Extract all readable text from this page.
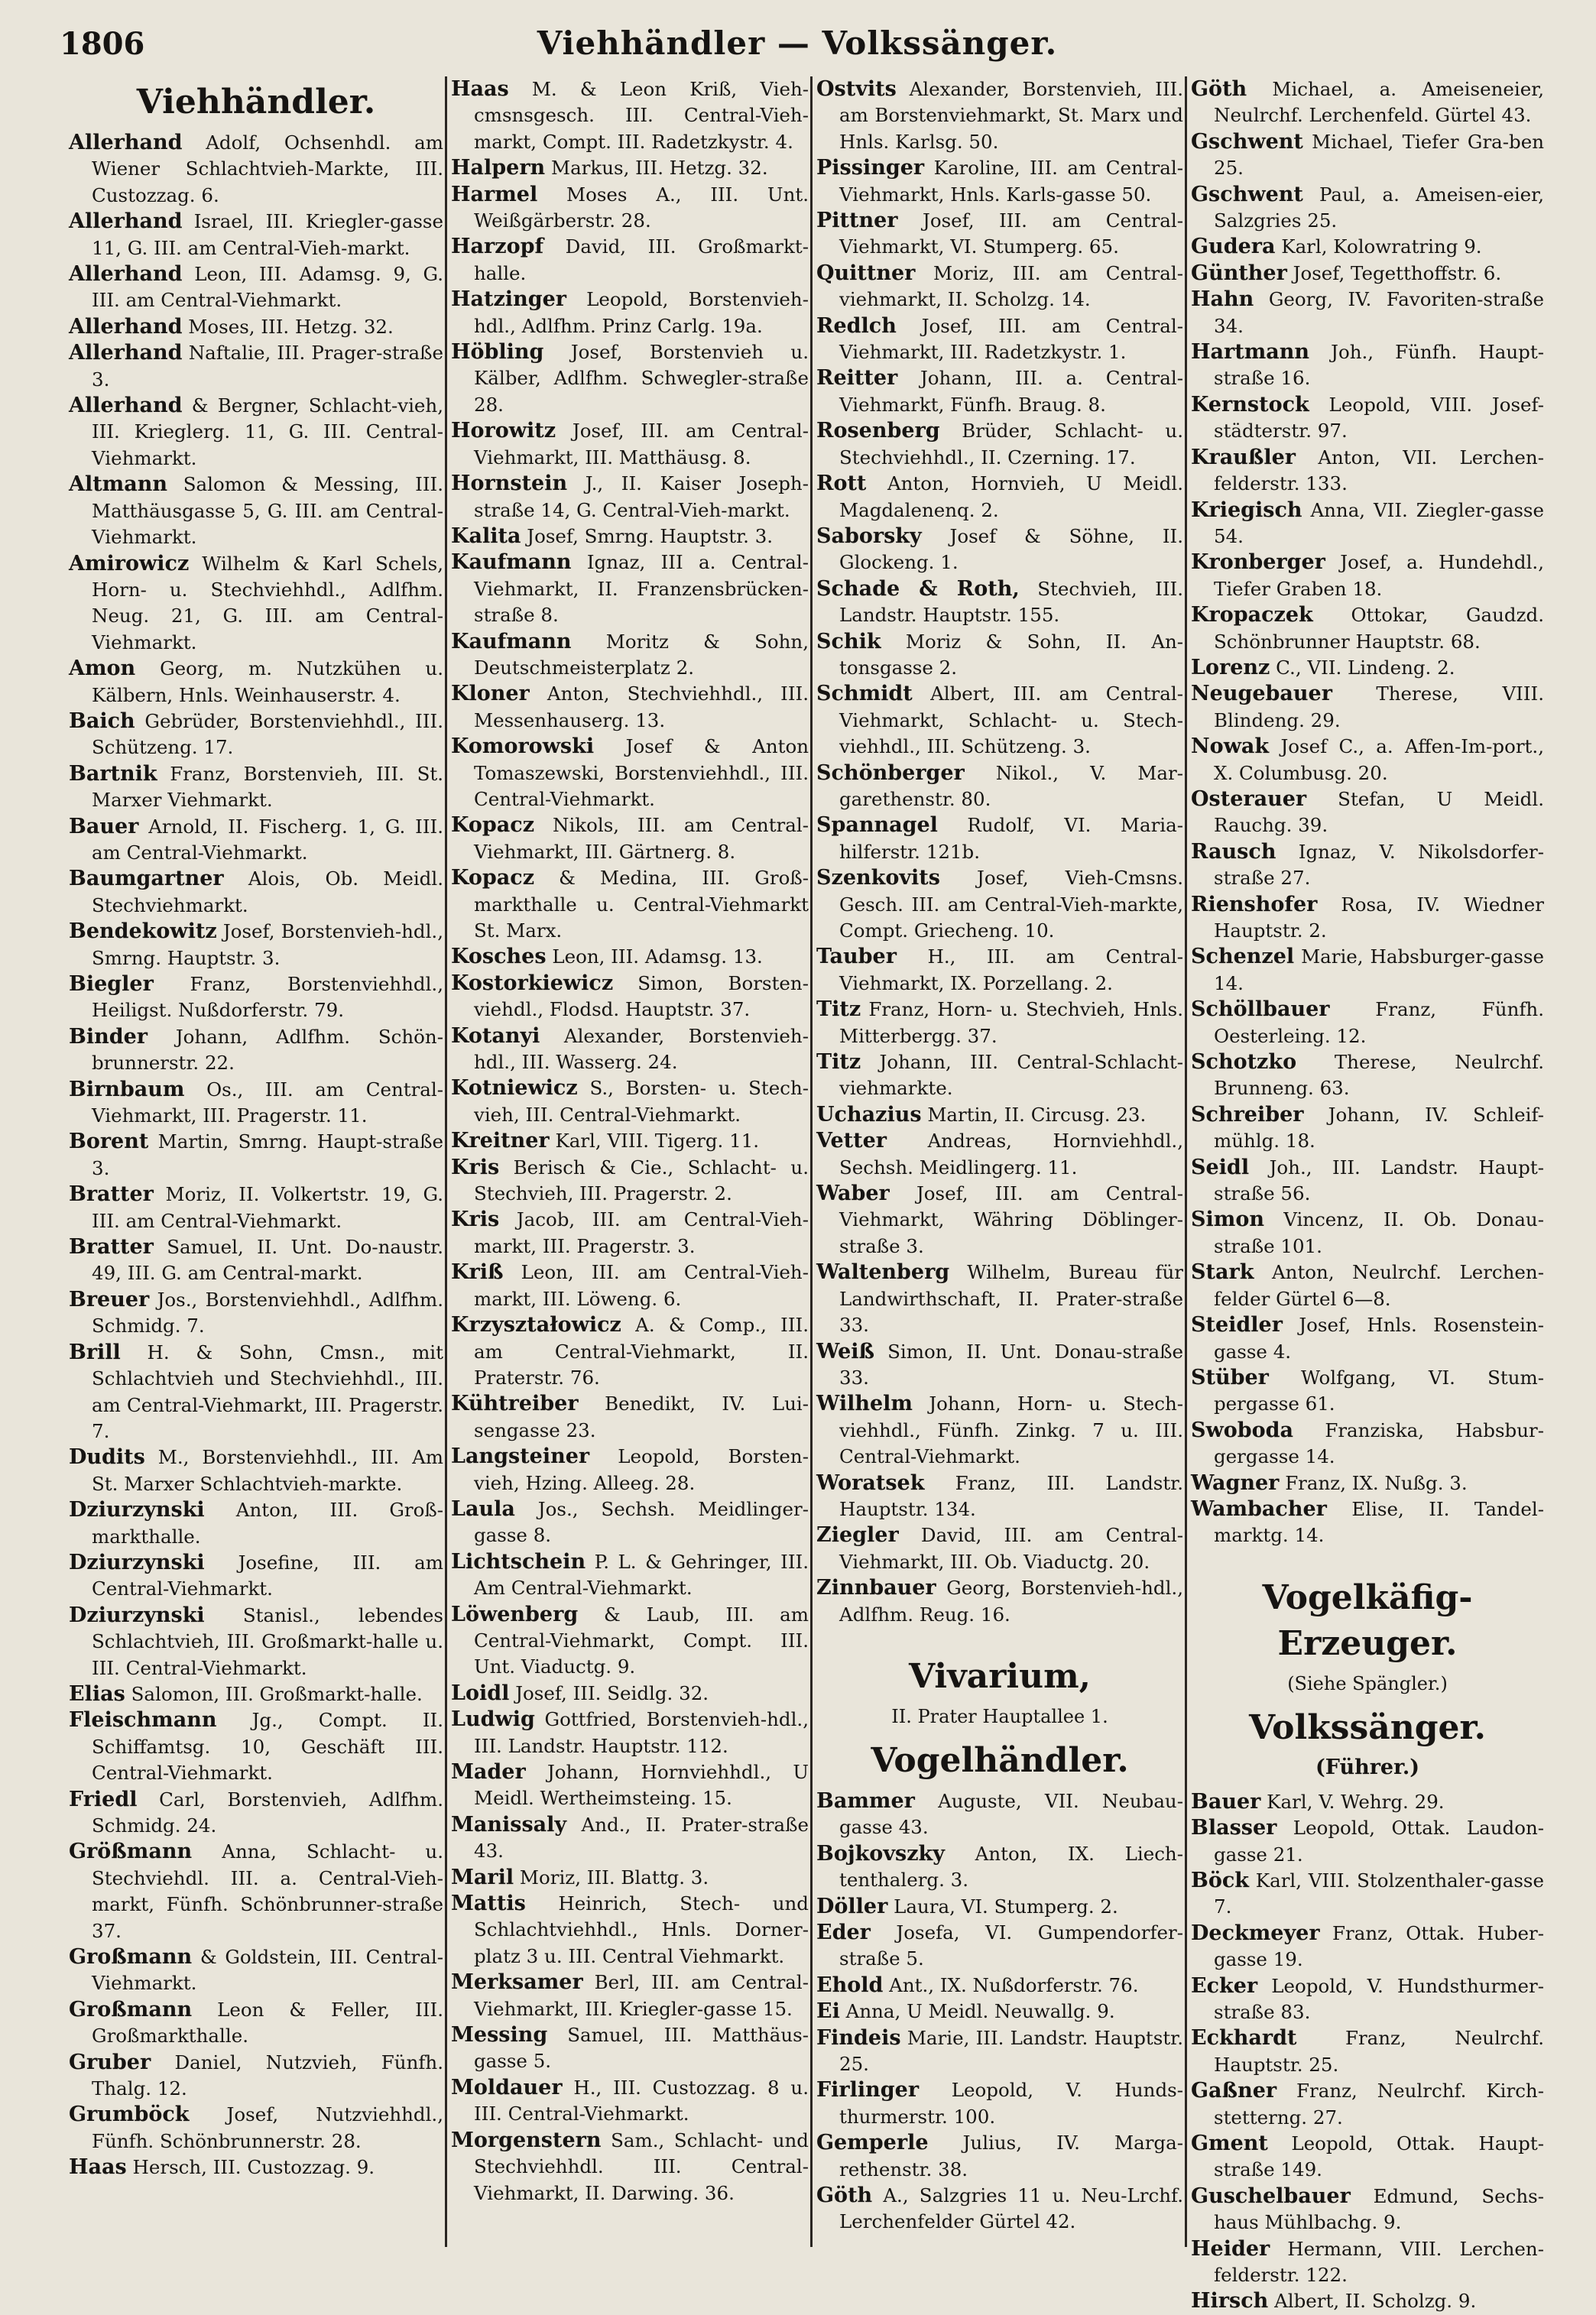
1806	Viehhändler — Volkssänger.
Viehhändler.

Allerhand Adolf, Ochsenhdl. am Wiener Schlachtvieh-Markte, III. Custozzag. 6.

Allerhand Israel, III. Kriegler-gasse 11, G. III. am Central-Vieh-markt.

Allerhand Leon, III. Adamsg. 9, G. III. am Central-Viehmarkt.

Allerhand Moses, III. Hetzg. 32.

Allerhand Naftalie, III. Prager-straße 3.

Allerhand & Bergner, Schlacht-vieh, III. Krieglerg. 11, G. III. Central-Viehmarkt.

Altmann Salomon & Messing, III. Matthäusgasse 5, G. III. am Central-Viehmarkt.

Amirowicz Wilhelm & Karl Schels, Horn- u. Stechviehhdl., Adlfhm. Neug. 21, G. III. am Central-Viehmarkt.

Amon Georg, m. Nutzkühen u. Kälbern, Hnls. Weinhauserstr. 4.

Baich Gebrüder, Borstenviehhdl., III. Schützeng. 17.

Bartnik Franz, Borstenvieh, III. St. Marxer Viehmarkt.

Bauer Arnold, II. Fischerg. 1, G. III. am Central-Viehmarkt.

Baumgartner Alois, Ob. Meidl. Stechviehmarkt.

Bendekowitz Josef, Borstenvieh-hdl., Smrng. Hauptstr. 3.

Biegler Franz, Borstenviehhdl., Heiligst. Nußdorferstr. 79.

Binder Johann, Adlfhm. Schön-brunnerstr. 22.

Birnbaum Os., III. am Central-Viehmarkt, III. Pragerstr. 11.

Borent Martin, Smrng. Haupt-straße 3.

Bratter Moriz, II. Volkertstr. 19, G. III. am Central-Viehmarkt.

Bratter Samuel, II. Unt. Do-naustr. 49, III. G. am Central-markt.

Breuer Jos., Borstenviehhdl., Adlfhm. Schmidg. 7.

Brill H. & Sohn, Cmsn., mit Schlachtvieh und Stechviehhdl., III. am Central-Viehmarkt, III. Pragerstr. 7.

Dudits M., Borstenviehhdl., III. Am St. Marxer Schlachtvieh-markte.

Dziurzynski Anton, III. Groß-markthalle.

Dziurzynski Josefine, III. am Central-Viehmarkt.

Dziurzynski Stanisl., lebendes Schlachtvieh, III. Großmarkt-halle u. III. Central-Viehmarkt.

Elias Salomon, III. Großmarkt-halle.

Fleischmann Jg., Compt. II. Schiffamtsg. 10, Geschäft III. Central-Viehmarkt.

Friedl Carl, Borstenvieh, Adlfhm. Schmidg. 24.

Größmann Anna, Schlacht- u. Stechviehdl. III. a. Central-Vieh-markt, Fünfh. Schönbrunner-straße 37.

Großmann & Goldstein, III. Central-Viehmarkt.

Großmann Leon & Feller, III. Großmarkthalle.

Gruber Daniel, Nutzvieh, Fünfh. Thalg. 12.

Grumböck Josef, Nutzviehhdl., Fünfh. Schönbrunnerstr. 28.

Haas Hersch, III. Custozzag. 9.

Haas M. & Leon Kriß, Vieh-cmsnsgesch. III. Central-Vieh-markt, Compt. III. Radetzkystr. 4.

Halpern Markus, III. Hetzg. 32.

Harmel Moses A., III. Unt. Weißgärberstr. 28.

Harzopf David, III. Großmarkt-halle.

Hatzinger Leopold, Borstenvieh-hdl., Adlfhm. Prinz Carlg. 19a.

Höbling Josef, Borstenvieh u. Kälber, Adlfhm. Schwegler-straße 28.

Horowitz Josef, III. am Central-Viehmarkt, III. Matthäusg. 8.

Hornstein J., II. Kaiser Joseph-straße 14, G. Central-Vieh-markt.

Kalita Josef, Smrng. Hauptstr. 3.

Kaufmann Ignaz, III a. Central-Viehmarkt, II. Franzensbrücken-straße 8.

Kaufmann Moritz & Sohn, Deutschmeisterplatz 2.

Kloner Anton, Stechviehhdl., III. Messenhauserg. 13.

Komorowski Josef & Anton Tomaszewski, Borstenviehhdl., III. Central-Viehmarkt.

Kopacz Nikols, III. am Central-Viehmarkt, III. Gärtnerg. 8.

Kopacz & Medina, III. Groß-markthalle u. Central-Viehmarkt St. Marx.

Kosches Leon, III. Adamsg. 13.

Kostorkiewicz Simon, Borsten-viehdl., Flodsd. Hauptstr. 37.

Kotanyi Alexander, Borstenvieh-hdl., III. Wasserg. 24.

Kotniewicz S., Borsten- u. Stech-vieh, III. Central-Viehmarkt.

Kreitner Karl, VIII. Tigerg. 11.

Kris Berisch & Cie., Schlacht- u. Stechvieh, III. Pragerstr. 2.

Kris Jacob, III. am Central-Vieh-markt, III. Pragerstr. 3.

Kriß Leon, III. am Central-Vieh-markt, III. Löweng. 6.

Krzyształowicz A. & Comp., III. am Central-Viehmarkt, II. Praterstr. 76.

Kühtreiber Benedikt, IV. Lui-sengasse 23.

Langsteiner Leopold, Borsten-vieh, Hzing. Alleeg. 28.

Laula Jos., Sechsh. Meidlinger-gasse 8.

Lichtschein P. L. & Gehringer, III. Am Central-Viehmarkt.

Löwenberg & Laub, III. am Central-Viehmarkt, Compt. III. Unt. Viaductg. 9.

Loidl Josef, III. Seidlg. 32.

Ludwig Gottfried, Borstenvieh-hdl., III. Landstr. Hauptstr. 112.

Mader Johann, Hornviehhdl., U Meidl. Wertheimsteing. 15.

Manissaly And., II. Prater-straße 43.

Maril Moriz, III. Blattg. 3.

Mattis Heinrich, Stech- und Schlachtviehhdl., Hnls. Dorner-platz 3 u. III. Central Viehmarkt.

Merksamer Berl, III. am Central-Viehmarkt, III. Kriegler-gasse 15.

Messing Samuel, III. Matthäus-gasse 5.

Moldauer H., III. Custozzag. 8 u. III. Central-Viehmarkt.

Morgenstern Sam., Schlacht- und Stechviehhdl. III. Central-Viehmarkt, II. Darwing. 36.

Ostvits Alexander, Borstenvieh, III. am Borstenviehmarkt, St. Marx und Hnls. Karlsg. 50.

Pissinger Karoline, III. am Central-Viehmarkt, Hnls. Karls-gasse 50.

Pittner Josef, III. am Central-Viehmarkt, VI. Stumperg. 65.

Quittner Moriz, III. am Central-viehmarkt, II. Scholzg. 14.

Redlch Josef, III. am Central-Viehmarkt, III. Radetzkystr. 1.

Reitter Johann, III. a. Central-Viehmarkt, Fünfh. Braug. 8.

Rosenberg Brüder, Schlacht- u. Stechviehhdl., II. Czerning. 17.

Rott Anton, Hornvieh, U Meidl. Magdalenenq. 2.

Saborsky Josef & Söhne, II. Glockeng. 1.

Schade & Roth, Stechvieh, III. Landstr. Hauptstr. 155.

Schik Moriz & Sohn, II. An-tonsgasse 2.

Schmidt Albert, III. am Central-Viehmarkt, Schlacht- u. Stech-viehhdl., III. Schützeng. 3.

Schönberger Nikol., V. Mar-garethenstr. 80.

Spannagel Rudolf, VI. Maria-hilferstr. 121b.

Szenkovits Josef, Vieh-Cmsns. Gesch. III. am Central-Vieh-markte, Compt. Griecheng. 10.

Tauber H., III. am Central-Viehmarkt, IX. Porzellang. 2.

Titz Franz, Horn- u. Stechvieh, Hnls. Mitterbergg. 37.

Titz Johann, III. Central-Schlacht-viehmarkte.

Uchazius Martin, II. Circusg. 23.

Vetter Andreas, Hornviehhdl., Sechsh. Meidlingerg. 11.

Waber Josef, III. am Central-Viehmarkt, Währing Döblinger-straße 3.

Waltenberg Wilhelm, Bureau für Landwirthschaft, II. Prater-straße 33.

Weiß Simon, II. Unt. Donau-straße 33.

Wilhelm Johann, Horn- u. Stech-viehhdl., Fünfh. Zinkg. 7 u. III. Central-Viehmarkt.

Woratsek Franz, III. Landstr. Hauptstr. 134.

Ziegler David, III. am Central-Viehmarkt, III. Ob. Viaductg. 20.

Zinnbauer Georg, Borstenvieh-hdl., Adlfhm. Reug. 16.

Vivarium,
II. Prater Hauptallee 1.
Vogelhändler.

Bammer Auguste, VII. Neubau-gasse 43.

Bojkovszky Anton, IX. Liech-tenthalerg. 3.

Döller Laura, VI. Stumperg. 2.

Eder Josefa, VI. Gumpendorfer-straße 5.

Ehold Ant., IX. Nußdorferstr. 76.

Ei Anna, U Meidl. Neuwallg. 9.

Findeis Marie, III. Landstr. Hauptstr. 25.

Firlinger Leopold, V. Hunds-thurmerstr. 100.

Gemperle Julius, IV. Marga-rethenstr. 38.

Göth A., Salzgries 11 u. Neu-Lrchf. Lerchenfelder Gürtel 42.

Göth Michael, a. Ameiseneier, Neulrchf. Lerchenfeld. Gürtel 43.

Gschwent Michael, Tiefer Gra-ben 25.

Gschwent Paul, a. Ameisen-eier, Salzgries 25.

Gudera Karl, Kolowratring 9.

Günther Josef, Tegetthoffstr. 6.

Hahn Georg, IV. Favoriten-straße 34.

Hartmann Joh., Fünfh. Haupt-straße 16.

Kernstock Leopold, VIII. Josef-städterstr. 97.

Kraußler Anton, VII. Lerchen-felderstr. 133.

Kriegisch Anna, VII. Ziegler-gasse 54.

Kronberger Josef, a. Hundehdl., Tiefer Graben 18.

Kropaczek Ottokar, Gaudzd. Schönbrunner Hauptstr. 68.

Lorenz C., VII. Lindeng. 2.

Neugebauer Therese, VIII. Blindeng. 29.

Nowak Josef C., a. Affen-Im-port., X. Columbusg. 20.

Osterauer Stefan, U Meidl. Rauchg. 39.

Rausch Ignaz, V. Nikolsdorfer-straße 27.

Rienshofer Rosa, IV. Wiedner Hauptstr. 2.

Schenzel Marie, Habsburger-gasse 14.

Schöllbauer Franz, Fünfh. Oesterleing. 12.

Schotzko Therese, Neulrchf. Brunneng. 63.

Schreiber Johann, IV. Schleif-mühlg. 18.

Seidl Joh., III. Landstr. Haupt-straße 56.

Simon Vincenz, II. Ob. Donau-straße 101.

Stark Anton, Neulrchf. Lerchen-felder Gürtel 6—8.

Steidler Josef, Hnls. Rosenstein-gasse 4.

Stüber Wolfgang, VI. Stum-pergasse 61.

Swoboda Franziska, Habsbur-gergasse 14.

Wagner Franz, IX. Nußg. 3.

Wambacher Elise, II. Tandel-marktg. 14.

Vogelkäfig-Erzeuger.
(Siehe Spängler.)
Volkssänger.
(Führer.)

Bauer Karl, V. Wehrg. 29.

Blasser Leopold, Ottak. Laudon-gasse 21.

Böck Karl, VIII. Stolzenthaler-gasse 7.

Deckmeyer Franz, Ottak. Huber-gasse 19.

Ecker Leopold, V. Hundsthurmer-straße 83.

Eckhardt	Franz, Neulrchf. Hauptstr. 25.

Gaßner Franz, Neulrchf. Kirch-stetterng. 27.

Gment Leopold, Ottak. Haupt-straße 149.

Guschelbauer Edmund, Sechs-haus Mühlbachg. 9.

Heider Hermann, VIII. Lerchen-felderstr. 122.

Hirsch Albert, II. Scholzg. 9.
